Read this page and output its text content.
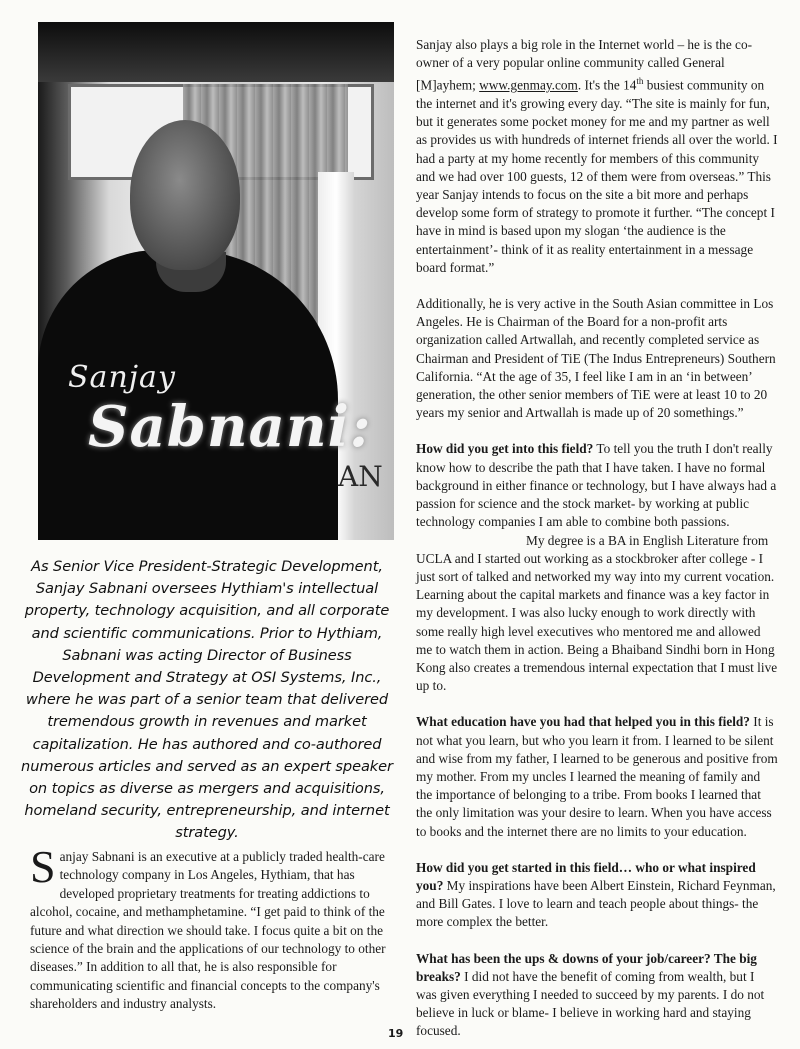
Sanjay
Sabnani:
AN
As Senior Vice President-Strategic Development, Sanjay Sabnani oversees Hythiam's intellectual property, technology acquisition, and all corporate and scientific communications. Prior to Hythiam, Sabnani was acting Director of Business Development and Strategy at OSI Systems, Inc., where he was part of a senior team that delivered tremendous growth in revenues and market capitalization. He has authored and co-authored numerous articles and served as an expert speaker on topics as diverse as mergers and acquisitions, homeland security, entrepreneurship, and internet strategy.
Sanjay Sabnani is an executive at a publicly traded health-care technology company in Los Angeles, Hythiam, that has developed proprietary treatments for treating addictions to alcohol, cocaine, and methamphetamine. “I get paid to think of the future and what direction we should take. I focus quite a bit on the science of the brain and the applications of our technology to other diseases.” In addition to all that, he is also responsible for communicating scientific and financial concepts to the company's shareholders and industry analysts.

Sanjay also plays a big role in the Internet world – he is the co-owner of a very popular online community called General [M]ayhem; www.genmay.com. It's the 14th busiest community on the internet and it's growing every day. “The site is mainly for fun, but it generates some pocket money for me and my partner as well as provides us with hundreds of internet friends all over the world. I had a party at my home recently for members of this community and we had over 100 guests, 12 of them were from overseas.” This year Sanjay intends to focus on the site a bit more and perhaps develop some form of strategy to promote it further. “The concept I have in mind is based upon my slogan ‘the audience is the entertainment’- think of it as reality entertainment in a message board format.”

Additionally, he is very active in the South Asian committee in Los Angeles. He is Chairman of the Board for a non-profit arts organization called Artwallah, and recently completed service as Chairman and President of TiE (The Indus Entrepreneurs) Southern California. “At the age of 35, I feel like I am in an ‘in between’ generation, the other senior members of TiE were at least 10 to 20 years my senior and Artwallah is made up of 20 somethings.”

How did you get into this field? To tell you the truth I don't really know how to describe the path that I have taken. I have no formal background in either finance or technology, but I have always had a passion for science and the stock market- by working at public technology companies I am able to combine both passions.

My degree is a BA in English Literature from UCLA and I started out working as a stockbroker after college - I just sort of talked and networked my way into my current vocation. Learning about the capital markets and finance was a key factor in my development. I was also lucky enough to work directly with some really high level executives who mentored me and allowed me to watch them in action. Being a Bhaiband Sindhi born in Hong Kong also creates a tremendous internal expectation that I must live up to.

What education have you had that helped you in this field? It is not what you learn, but who you learn it from. I learned to be silent and wise from my father, I learned to be generous and positive from my mother. From my uncles I learned the meaning of family and the importance of belonging to a tribe. From books I learned that the only limitation was your desire to learn. When you have access to books and the internet there are no limits to your education.

How did you get started in this field… who or what inspired you? My inspirations have been Albert Einstein, Richard Feynman, and Bill Gates. I love to learn and teach people about things- the more complex the better.

What has been the ups & downs of your job/career? The big breaks? I did not have the benefit of coming from wealth, but I was given everything I needed to succeed by my parents. I do not believe in luck or blame- I believe in working hard and staying focused.

19
